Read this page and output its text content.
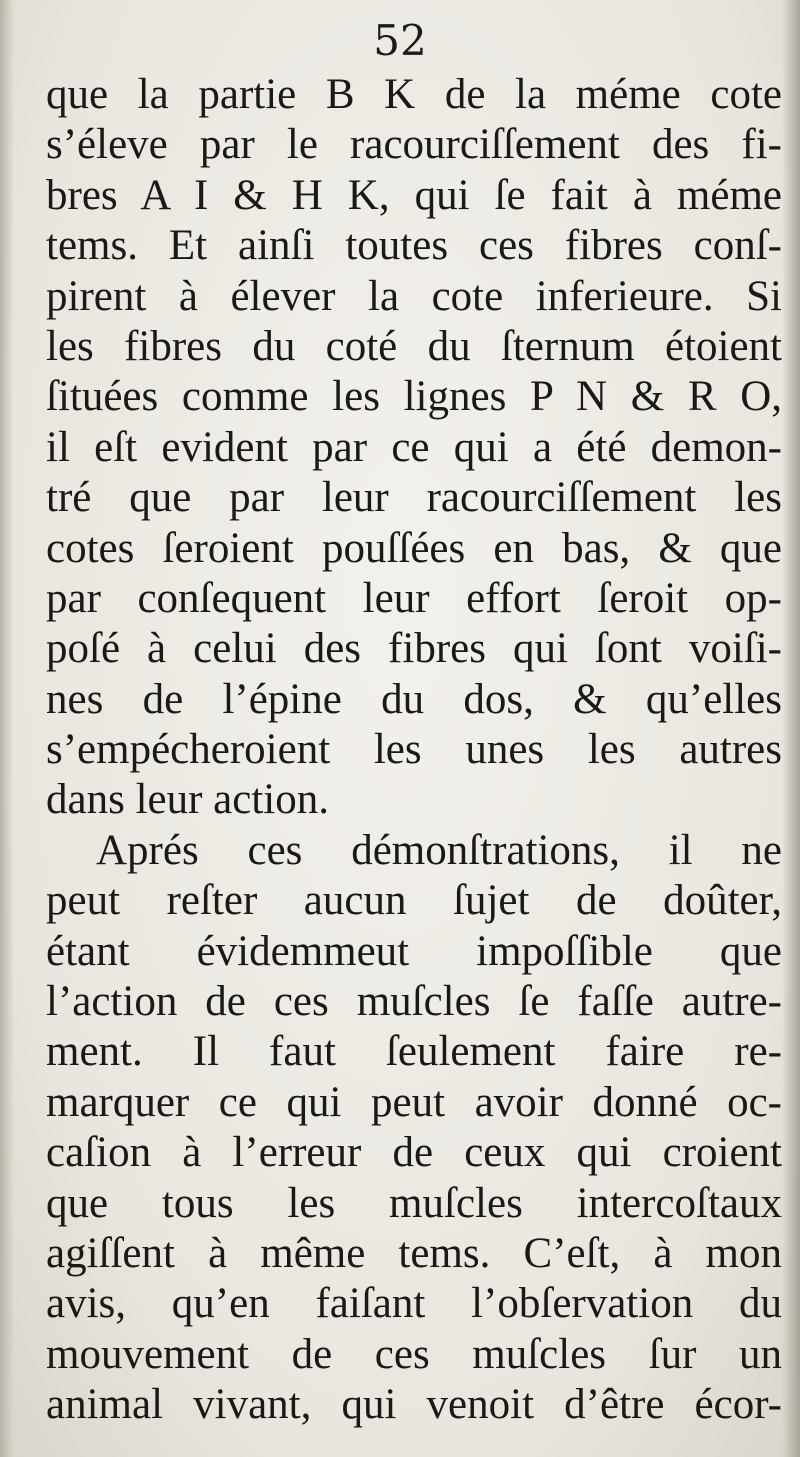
52
que la partie B K de la méme cote
s’éleve par le racourciſſement des fi-
bres A I & H K, qui ſe fait à méme
tems. Et ainſi toutes ces fibres conſ-
pirent à élever la cote inferieure. Si
les fibres du coté du ſternum étoient
ſituées comme les lignes P N & R O,
il eſt evident par ce qui a été demon-
tré que par leur racourciſſement les
cotes ſeroient pouſſées en bas, & que
par conſequent leur effort ſeroit op-
poſé à celui des fibres qui ſont voiſi-
nes de l’épine du dos, & qu’elles
s’empécheroient les unes les autres
dans leur action.
Aprés ces démonſtrations, il ne
peut reſter aucun ſujet de doûter,
étant évidemmeut impoſſible que
l’action de ces muſcles ſe faſſe autre-
ment. Il faut ſeulement faire re-
marquer ce qui peut avoir donné oc-
caſion à l’erreur de ceux qui croient
que tous les muſcles intercoſtaux
agiſſent à même tems. C’eſt, à mon
avis, qu’en faiſant l’obſervation du
mouvement de ces muſcles ſur un
animal vivant, qui venoit d’être écor-
